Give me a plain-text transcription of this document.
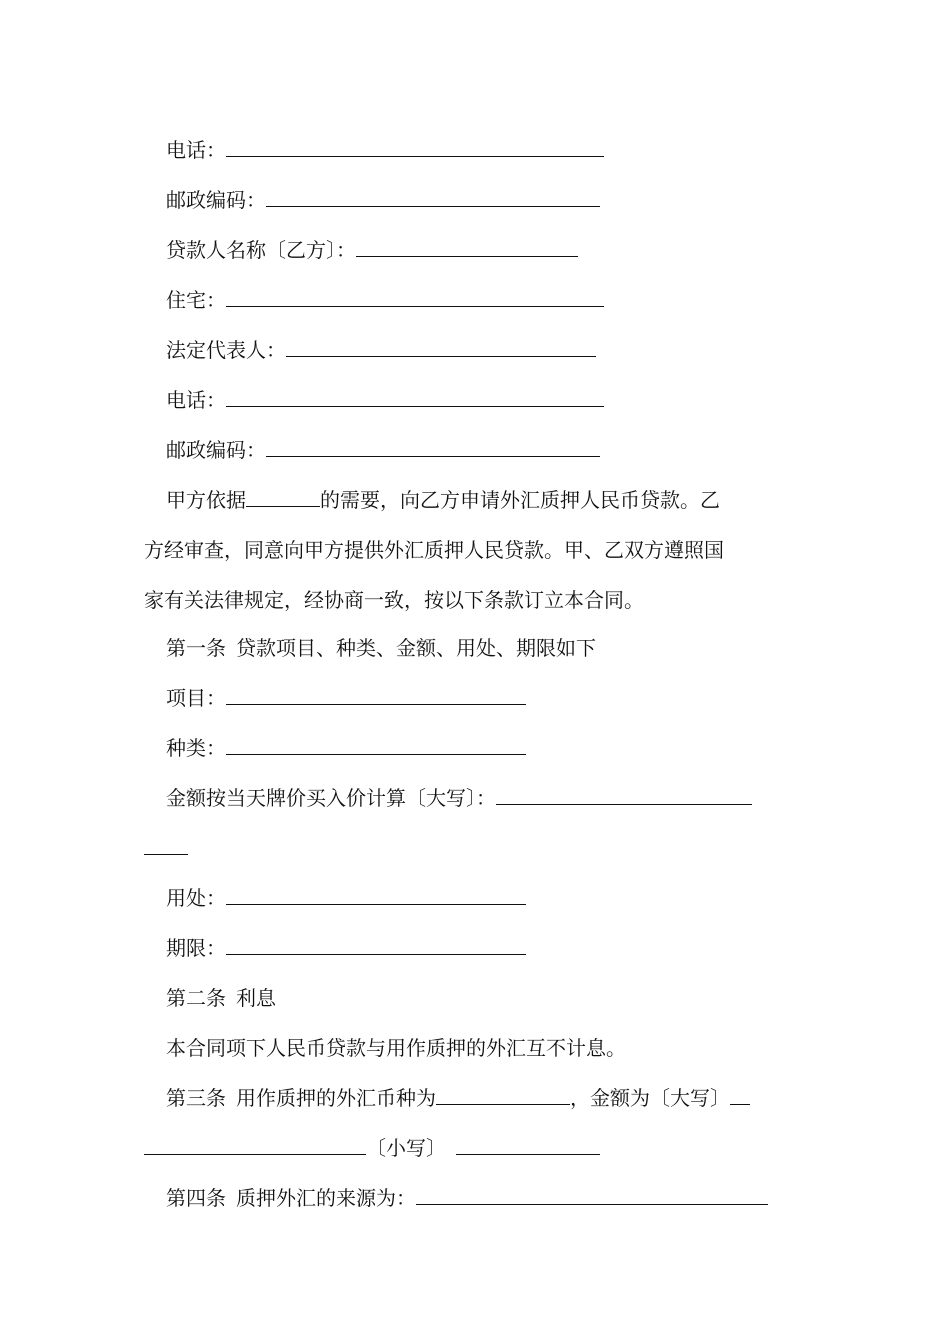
电话：
邮政编码：
贷款人名称〔乙方〕：
住宅：
法定代表人：
电话：
邮政编码：
甲方依据	的需要，向乙方申请外汇质押人民币贷款。乙
方经审查，同意向甲方提供外汇质押人民贷款。甲、乙双方遵照国
家有关法律规定，经协商一致，按以下条款订立本合同。
第一条 贷款项目、种类、金额、用处、期限如下
项目：
种类：
金额按当天牌价买入价计算〔大写〕：
用处：
期限：
第二条 利息
本合同项下人民币贷款与用作质押的外汇互不计息。
第三条 用作质押的外汇币种为	，金额为〔大写〕
〔小写〕
第四条 质押外汇的来源为：
